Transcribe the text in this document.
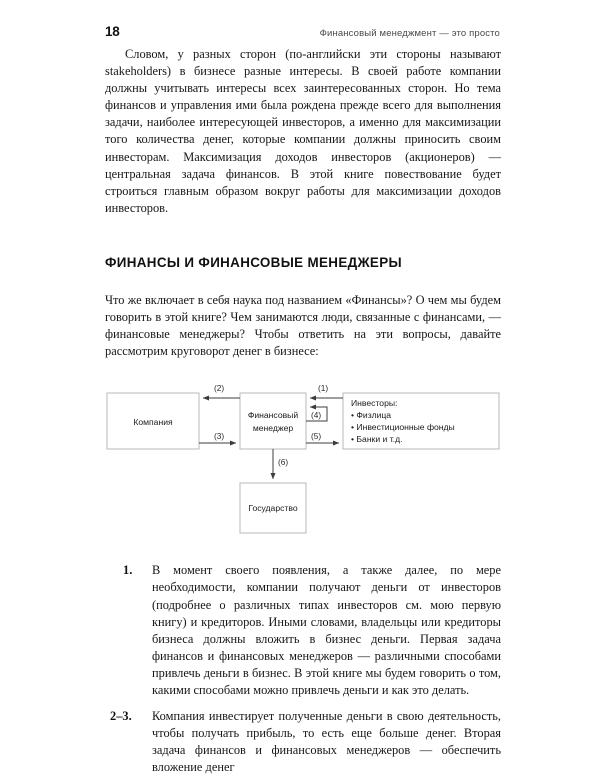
18	Финансовый менеджмент — это просто

Словом, у разных сторон (по-английски эти стороны называют stakeholders) в бизнесе разные интересы. В своей работе компании должны учитывать интересы всех заинтересованных сторон. Но тема финансов и управления ими была рождена прежде всего для выполнения задачи, наиболее интересующей инвесторов, а именно для максимизации того количества денег, которые компании должны приносить своим инвесторам. Максимизация доходов инвесторов (акционеров) — центральная задача финансов. В этой книге повествование будет строиться главным образом вокруг работы для максимизации доходов инвесторов.

ФИНАНСЫ И ФИНАНСОВЫЕ МЕНЕДЖЕРЫ

Что же включает в себя наука под названием «Финансы»? О чем мы будем говорить в этой книге? Чем занимаются люди, связанные с финансами, — финансовые менеджеры? Чтобы ответить на эти вопросы, давайте рассмотрим круговорот денег в бизнесе:

(1)
(2)
(3)
(4)
(5)
(6)
Компания
Финансовый
менеджер
Инвесторы:
• Физлица
• Инвестиционные фонды
• Банки и т.д.
Государство
1.	В момент своего появления, а также далее, по мере необходимости, компании получают деньги от инвесторов (подробнее о различных типах инвесторов см. мою первую книгу) и кредиторов. Иными словами, владельцы или кредиторы бизнеса должны вложить в бизнес деньги. Первая задача финансов и финансовых менеджеров — различными способами привлечь деньги в бизнес. В этой книге мы будем говорить о том, какими способами можно привлечь деньги и как это делать.
2–3.	Компания инвестирует полученные деньги в свою деятельность, чтобы получать прибыль, то есть еще больше денег. Вторая задача финансов и финансовых менеджеров — обеспечить вложение денег
